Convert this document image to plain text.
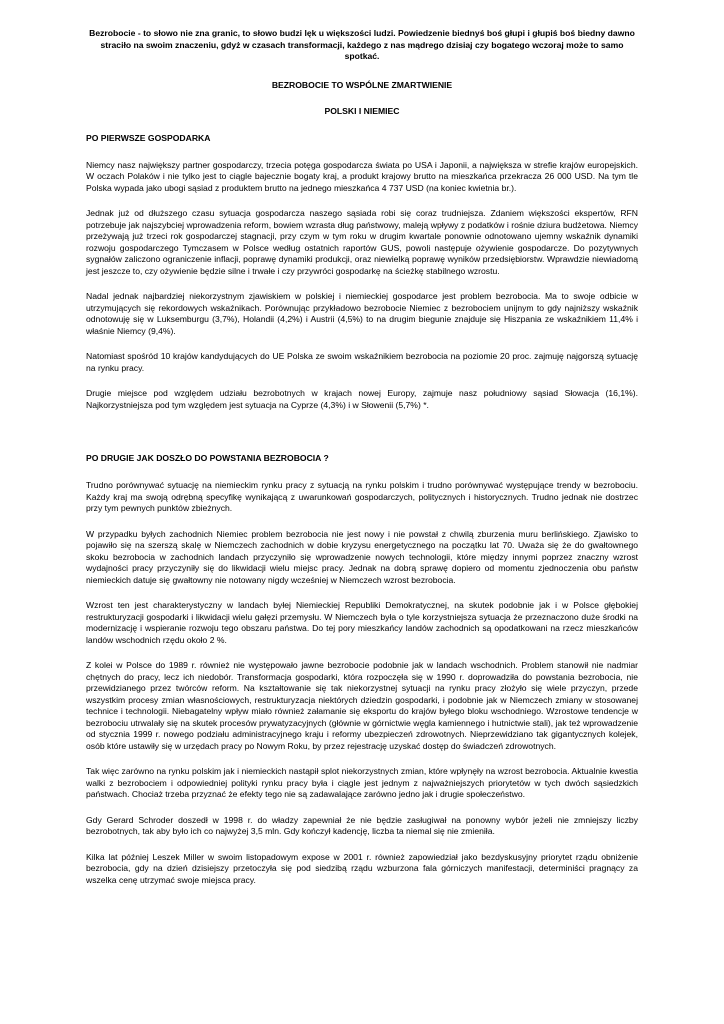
Bezrobocie - to słowo nie zna granic, to słowo budzi lęk u większości ludzi. Powiedzenie biednyś boś głupi i głupiś boś biedny dawno straciło na swoim znaczeniu, gdyż w czasach transformacji, każdego z nas mądrego dzisiaj czy bogatego wczoraj może to samo spotkać.

BEZROBOCIE TO WSPÓLNE ZMARTWIENIE

POLSKI I NIEMIEC

PO PIERWSZE GOSPODARKA

Niemcy nasz największy partner gospodarczy, trzecia potęga gospodarcza świata po USA i Japonii, a największa w strefie krajów europejskich. W oczach Polaków i nie tylko jest to ciągle bajecznie bogaty kraj, a produkt krajowy brutto na mieszkańca przekracza 26 000 USD. Na tym tle Polska wypada jako ubogi sąsiad z produktem brutto na jednego mieszkańca 4 737 USD (na koniec kwietnia br.).

Jednak już od dłuższego czasu sytuacja gospodarcza naszego sąsiada robi się coraz trudniejsza. Zdaniem większości ekspertów, RFN potrzebuje jak najszybciej wprowadzenia reform, bowiem wzrasta dług państwowy, maleją wpływy z podatków i rośnie dziura budżetowa. Niemcy przeżywają już trzeci rok gospodarczej stagnacji, przy czym w tym roku w drugim kwartale ponownie odnotowano ujemny wskaźnik dynamiki rozwoju gospodarczego Tymczasem w Polsce według ostatnich raportów GUS, powoli następuje ożywienie gospodarcze. Do pozytywnych sygnałów zaliczono ograniczenie inflacji, poprawę dynamiki produkcji, oraz niewielką poprawę wyników przedsiębiorstw. Wprawdzie niewiadomą jest jeszcze to, czy ożywienie będzie silne i trwałe i czy przywróci gospodarkę na ścieżkę stabilnego wzrostu.

Nadal jednak najbardziej niekorzystnym zjawiskiem w polskiej i niemieckiej gospodarce jest problem bezrobocia. Ma to swoje odbicie w utrzymujących się rekordowych wskaźnikach. Porównując przykładowo bezrobocie Niemiec z bezrobociem unijnym to gdy najniższy wskaźnik odnotowuję się w Luksemburgu (3,7%), Holandii (4,2%) i Austrii (4,5%) to na drugim biegunie znajduje się Hiszpania ze wskaźnikiem 11,4% i właśnie Niemcy (9,4%).

Natomiast spośród 10 krajów kandydujących do UE Polska ze swoim wskaźnikiem bezrobocia na poziomie 20 proc. zajmuję najgorszą sytuację na rynku pracy.

Drugie miejsce pod względem udziału bezrobotnych w krajach nowej Europy, zajmuje nasz południowy sąsiad Słowacja (16,1%). Najkorzystniejsza pod tym względem jest sytuacja na Cyprze (4,3%) i w Słowenii (5,7%) *.

PO DRUGIE JAK DOSZŁO DO POWSTANIA BEZROBOCIA ?

Trudno porównywać sytuację na niemieckim rynku pracy z sytuacją na rynku polskim i trudno porównywać występujące trendy w bezrobociu. Każdy kraj ma swoją odrębną specyfikę wynikającą z uwarunkowań gospodarczych, politycznych i historycznych. Trudno jednak nie dostrzec przy tym pewnych punktów zbieżnych.

W przypadku byłych zachodnich Niemiec problem bezrobocia nie jest nowy i nie powstał z chwilą zburzenia muru berlińskiego. Zjawisko to pojawiło się na szerszą skalę w Niemczech zachodnich w dobie kryzysu energetycznego na początku lat 70. Uważa się że do gwałtownego skoku bezrobocia w zachodnich landach przyczyniło się wprowadzenie nowych technologii, które między innymi poprzez znaczny wzrost wydajności pracy przyczyniły się do likwidacji wielu miejsc pracy. Jednak na dobrą sprawę dopiero od momentu zjednoczenia obu państw niemieckich datuje się gwałtowny nie notowany nigdy wcześniej w Niemczech wzrost bezrobocia.

Wzrost ten jest charakterystyczny w landach byłej Niemieckiej Republiki Demokratycznej, na skutek podobnie jak i w Polsce głębokiej restrukturyzacji gospodarki i likwidacji wielu gałęzi przemysłu. W Niemczech była o tyle korzystniejsza sytuacja że przeznaczono duże środki na modernizację i wspieranie rozwoju tego obszaru państwa. Do tej pory mieszkańcy landów zachodnich są opodatkowani na rzecz mieszkańców landów wschodnich rzędu około 2 %.

Z kolei w Polsce do 1989 r. również nie występowało jawne bezrobocie podobnie jak w landach wschodnich. Problem stanowił nie nadmiar chętnych do pracy, lecz ich niedobór. Transformacja gospodarki, która rozpoczęła się w 1990 r. doprowadziła do powstania bezrobocia, nie przewidzianego przez twórców reform. Na kształtowanie się tak niekorzystnej sytuacji na rynku pracy złożyło się wiele przyczyn, przede wszystkim procesy zmian własnościowych, restrukturyzacja niektórych dziedzin gospodarki, i podobnie jak w Niemczech zmiany w stosowanej technice i technologii. Niebagatelny wpływ miało również załamanie się eksportu do krajów byłego bloku wschodniego. Wzrostowe tendencje w bezrobociu utrwalały się na skutek procesów prywatyzacyjnych (głównie w górnictwie węgla kamiennego i hutnictwie stali), jak też wprowadzenie od stycznia 1999 r. nowego podziału administracyjnego kraju i reformy ubezpieczeń zdrowotnych. Nieprzewidziano tak gigantycznych kolejek, osób które ustawiły się w urzędach pracy po Nowym Roku, by przez rejestrację uzyskać dostęp do świadczeń zdrowotnych.

Tak więc zarówno na rynku polskim jak i niemieckich nastąpił splot niekorzystnych zmian, które wpłynęły na wzrost bezrobocia. Aktualnie kwestia walki z bezrobociem i odpowiedniej polityki rynku pracy była i ciągle jest jednym z najważniejszych priorytetów w tych dwóch sąsiedzkich państwach. Chociaż trzeba przyznać że efekty tego nie są zadawalające zarówno jedno jak i drugie społeczeństwo.

Gdy Gerard Schroder doszedł w 1998 r. do władzy zapewniał że nie będzie zasługiwał na ponowny wybór jeżeli nie zmniejszy liczby bezrobotnych, tak aby było ich co najwyżej 3,5 mln. Gdy kończył kadencję, liczba ta niemal się nie zmieniła.

Kilka lat później Leszek Miller w swoim listopadowym expose w 2001 r. również zapowiedział jako bezdyskusyjny priorytet rządu obniżenie bezrobocia, gdy na dzień dzisiejszy przetoczyła się pod siedzibą rządu wzburzona fala górniczych manifestacji, determiniści pragnący za wszelka cenę utrzymać swoje miejsca pracy.
